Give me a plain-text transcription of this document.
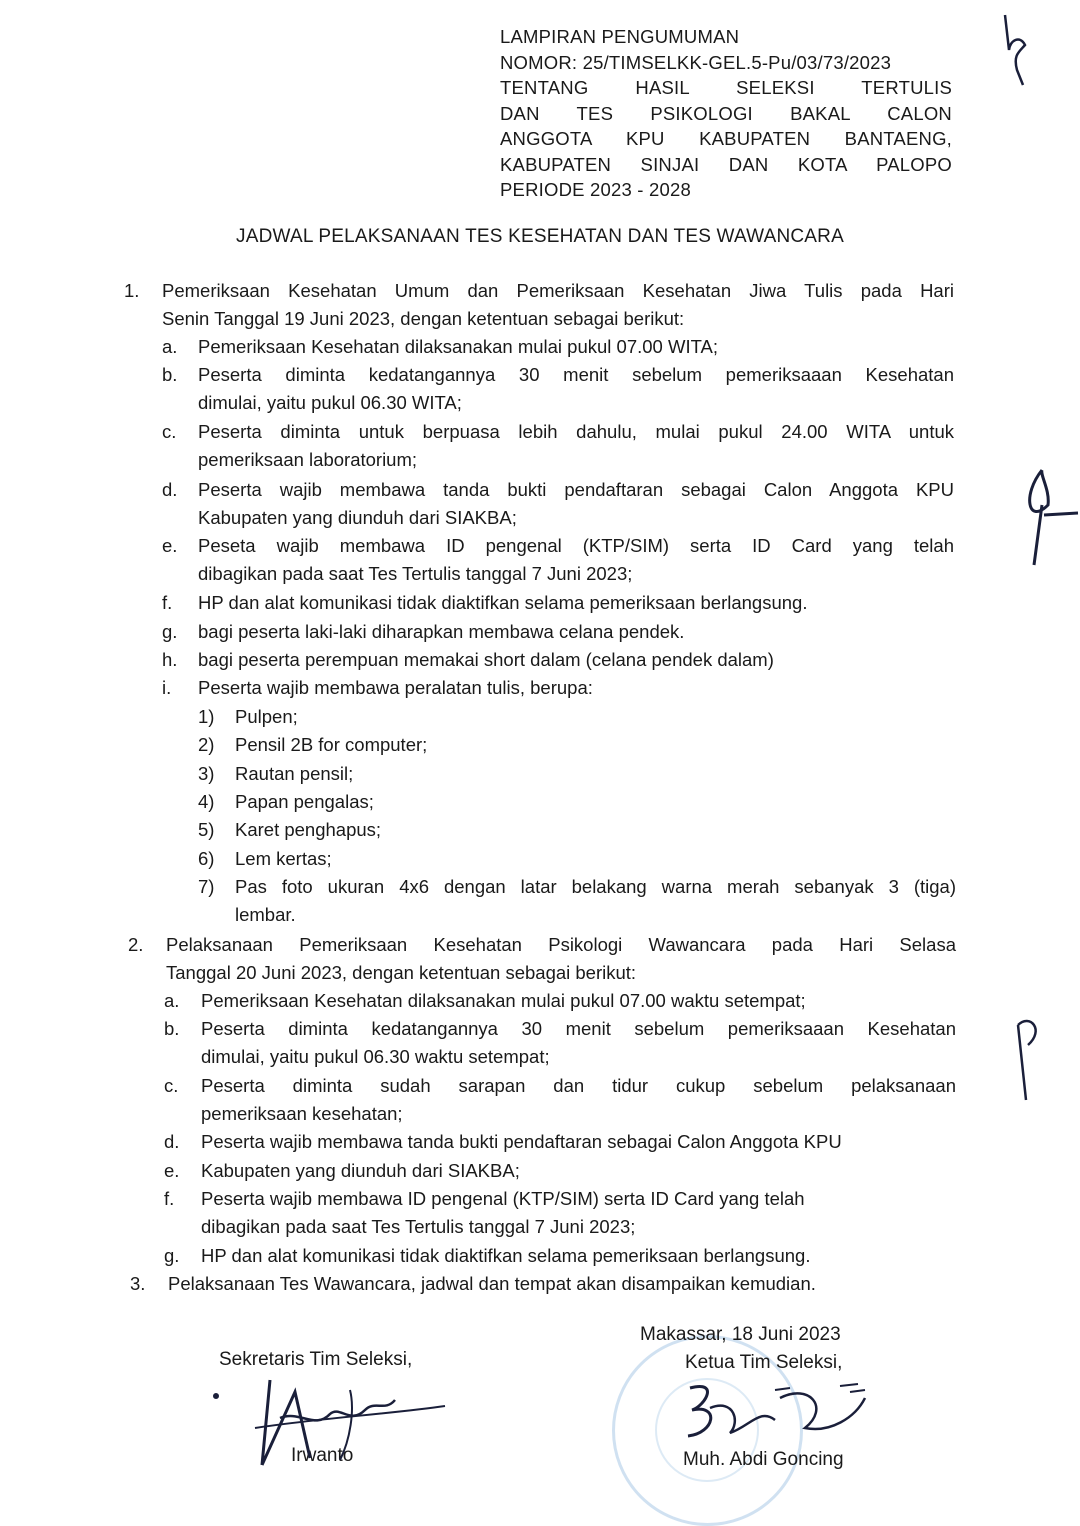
LAMPIRAN PENGUMUMAN
NOMOR: 25/TIMSELKK-GEL.5-Pu/03/73/2023
TENTANG HASIL SELEKSI TERTULIS
DAN TES PSIKOLOGI BAKAL CALON
ANGGOTA KPU KABUPATEN BANTAENG,
KABUPATEN SINJAI DAN KOTA PALOPO
PERIODE 2023 - 2028
JADWAL PELAKSANAAN TES KESEHATAN DAN TES WAWANCARA
1. Pemeriksaan Kesehatan Umum dan Pemeriksaan Kesehatan Jiwa Tulis pada Hari
Senin Tanggal 19 Juni 2023, dengan ketentuan sebagai berikut:
a. Pemeriksaan Kesehatan dilaksanakan mulai pukul 07.00 WITA;
b. Peserta diminta kedatangannya 30 menit sebelum pemeriksaaan Kesehatan
dimulai, yaitu pukul 06.30 WITA;
c. Peserta diminta untuk berpuasa lebih dahulu, mulai pukul 24.00 WITA untuk
pemeriksaan laboratorium;
d. Peserta wajib membawa tanda bukti pendaftaran sebagai Calon Anggota KPU
Kabupaten yang diunduh dari SIAKBA;
e. Peseta wajib membawa ID pengenal (KTP/SIM) serta ID Card yang telah
dibagikan pada saat Tes Tertulis tanggal 7 Juni 2023;
f. HP dan alat komunikasi tidak diaktifkan selama pemeriksaan berlangsung.
g. bagi peserta laki-laki diharapkan membawa celana pendek.
h. bagi peserta perempuan memakai short dalam (celana pendek dalam)
i. Peserta wajib membawa peralatan tulis, berupa:
1) Pulpen;
2) Pensil 2B for computer;
3) Rautan pensil;
4) Papan pengalas;
5) Karet penghapus;
6) Lem kertas;
7) Pas foto ukuran 4x6 dengan latar belakang warna merah sebanyak 3 (tiga)
lembar.
2. Pelaksanaan Pemeriksaan Kesehatan Psikologi Wawancara pada Hari Selasa
Tanggal 20 Juni 2023, dengan ketentuan sebagai berikut:
a. Pemeriksaan Kesehatan dilaksanakan mulai pukul 07.00 waktu setempat;
b. Peserta diminta kedatangannya 30 menit sebelum pemeriksaaan Kesehatan
dimulai, yaitu pukul 06.30 waktu setempat;
c. Peserta diminta sudah sarapan dan tidur cukup sebelum pelaksanaan
pemeriksaan kesehatan;
d. Peserta wajib membawa tanda bukti pendaftaran sebagai Calon Anggota KPU
e. Kabupaten yang diunduh dari SIAKBA;
f. Peserta wajib membawa ID pengenal (KTP/SIM) serta ID Card yang telah
dibagikan pada saat Tes Tertulis tanggal 7 Juni 2023;
g. HP dan alat komunikasi tidak diaktifkan selama pemeriksaan berlangsung.
3. Pelaksanaan Tes Wawancara, jadwal dan tempat akan disampaikan kemudian.
Makassar, 18 Juni 2023
Sekretaris Tim Seleksi,	Ketua Tim Seleksi,
Irwanto	Muh. Abdi Goncing
